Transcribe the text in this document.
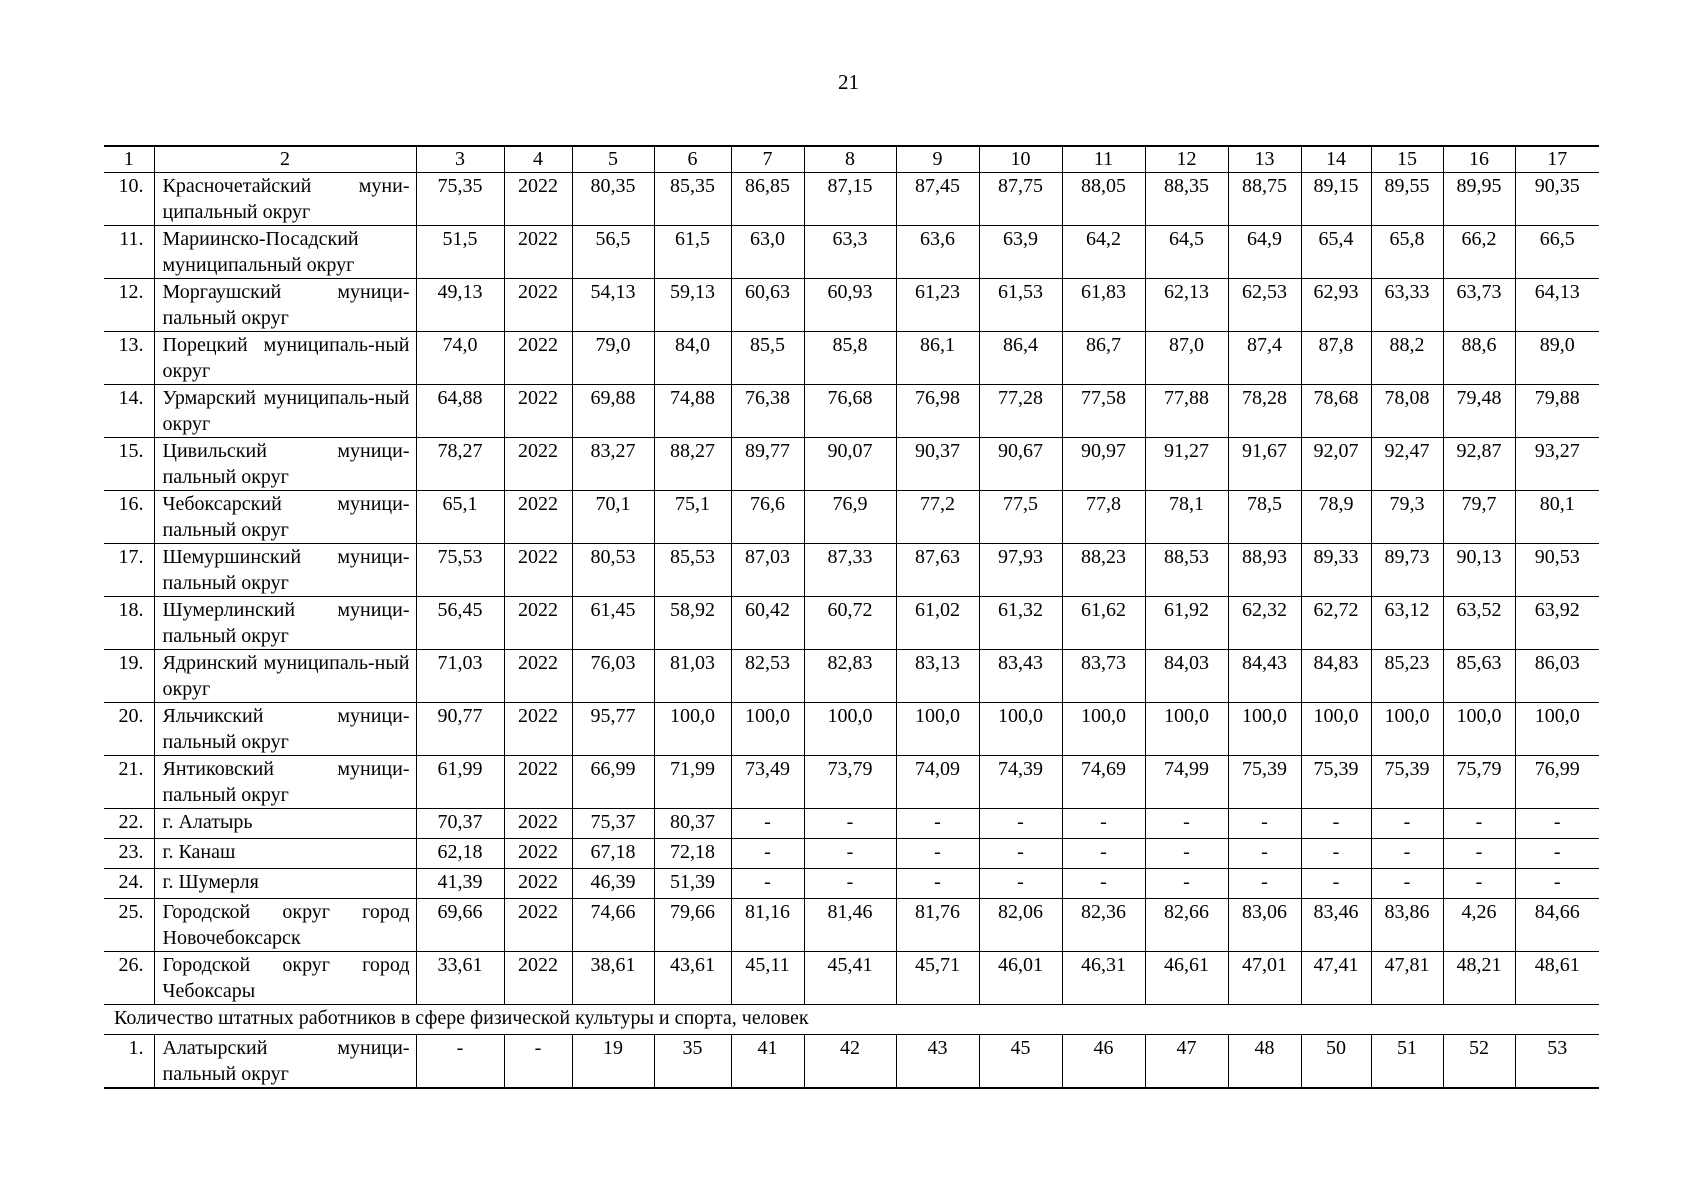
21
1	2	3	4	5	6	7	8	9	10	11	12	13	14	15	16	17
10.	Красночетайский муни-ципальный округ	75,35	2022	80,35	85,35	86,85	87,15	87,45	87,75	88,05	88,35	88,75	89,15	89,55	89,95	90,35
11.	Мариинско-Посадский муниципальный округ	51,5	2022	56,5	61,5	63,0	63,3	63,6	63,9	64,2	64,5	64,9	65,4	65,8	66,2	66,5
12.	Моргаушский муници-пальный округ	49,13	2022	54,13	59,13	60,63	60,93	61,23	61,53	61,83	62,13	62,53	62,93	63,33	63,73	64,13
13.	Порецкий муниципаль-ный округ	74,0	2022	79,0	84,0	85,5	85,8	86,1	86,4	86,7	87,0	87,4	87,8	88,2	88,6	89,0
14.	Урмарский муниципаль-ный округ	64,88	2022	69,88	74,88	76,38	76,68	76,98	77,28	77,58	77,88	78,28	78,68	78,08	79,48	79,88
15.	Цивильский муници-пальный округ	78,27	2022	83,27	88,27	89,77	90,07	90,37	90,67	90,97	91,27	91,67	92,07	92,47	92,87	93,27
16.	Чебоксарский муници-пальный округ	65,1	2022	70,1	75,1	76,6	76,9	77,2	77,5	77,8	78,1	78,5	78,9	79,3	79,7	80,1
17.	Шемуршинский муници-пальный округ	75,53	2022	80,53	85,53	87,03	87,33	87,63	97,93	88,23	88,53	88,93	89,33	89,73	90,13	90,53
18.	Шумерлинский муници-пальный округ	56,45	2022	61,45	58,92	60,42	60,72	61,02	61,32	61,62	61,92	62,32	62,72	63,12	63,52	63,92
19.	Ядринский муниципаль-ный округ	71,03	2022	76,03	81,03	82,53	82,83	83,13	83,43	83,73	84,03	84,43	84,83	85,23	85,63	86,03
20.	Яльчикский муници-пальный округ	90,77	2022	95,77	100,0	100,0	100,0	100,0	100,0	100,0	100,0	100,0	100,0	100,0	100,0	100,0
21.	Янтиковский муници-пальный округ	61,99	2022	66,99	71,99	73,49	73,79	74,09	74,39	74,69	74,99	75,39	75,39	75,39	75,79	76,99
22.	г. Алатырь	70,37	2022	75,37	80,37	-	-	-	-	-	-	-	-	-	-	-
23.	г. Канаш	62,18	2022	67,18	72,18	-	-	-	-	-	-	-	-	-	-	-
24.	г. Шумерля	41,39	2022	46,39	51,39	-	-	-	-	-	-	-	-	-	-	-
25.	Городской округ город Новочебоксарск	69,66	2022	74,66	79,66	81,16	81,46	81,76	82,06	82,36	82,66	83,06	83,46	83,86	4,26	84,66
26.	Городской округ город Чебоксары	33,61	2022	38,61	43,61	45,11	45,41	45,71	46,01	46,31	46,61	47,01	47,41	47,81	48,21	48,61
Количество штатных работников в сфере физической культуры и спорта, человек																
1.	Алатырский муници-пальный округ	-	-	19	35	41	42	43	45	46	47	48	50	51	52	53
